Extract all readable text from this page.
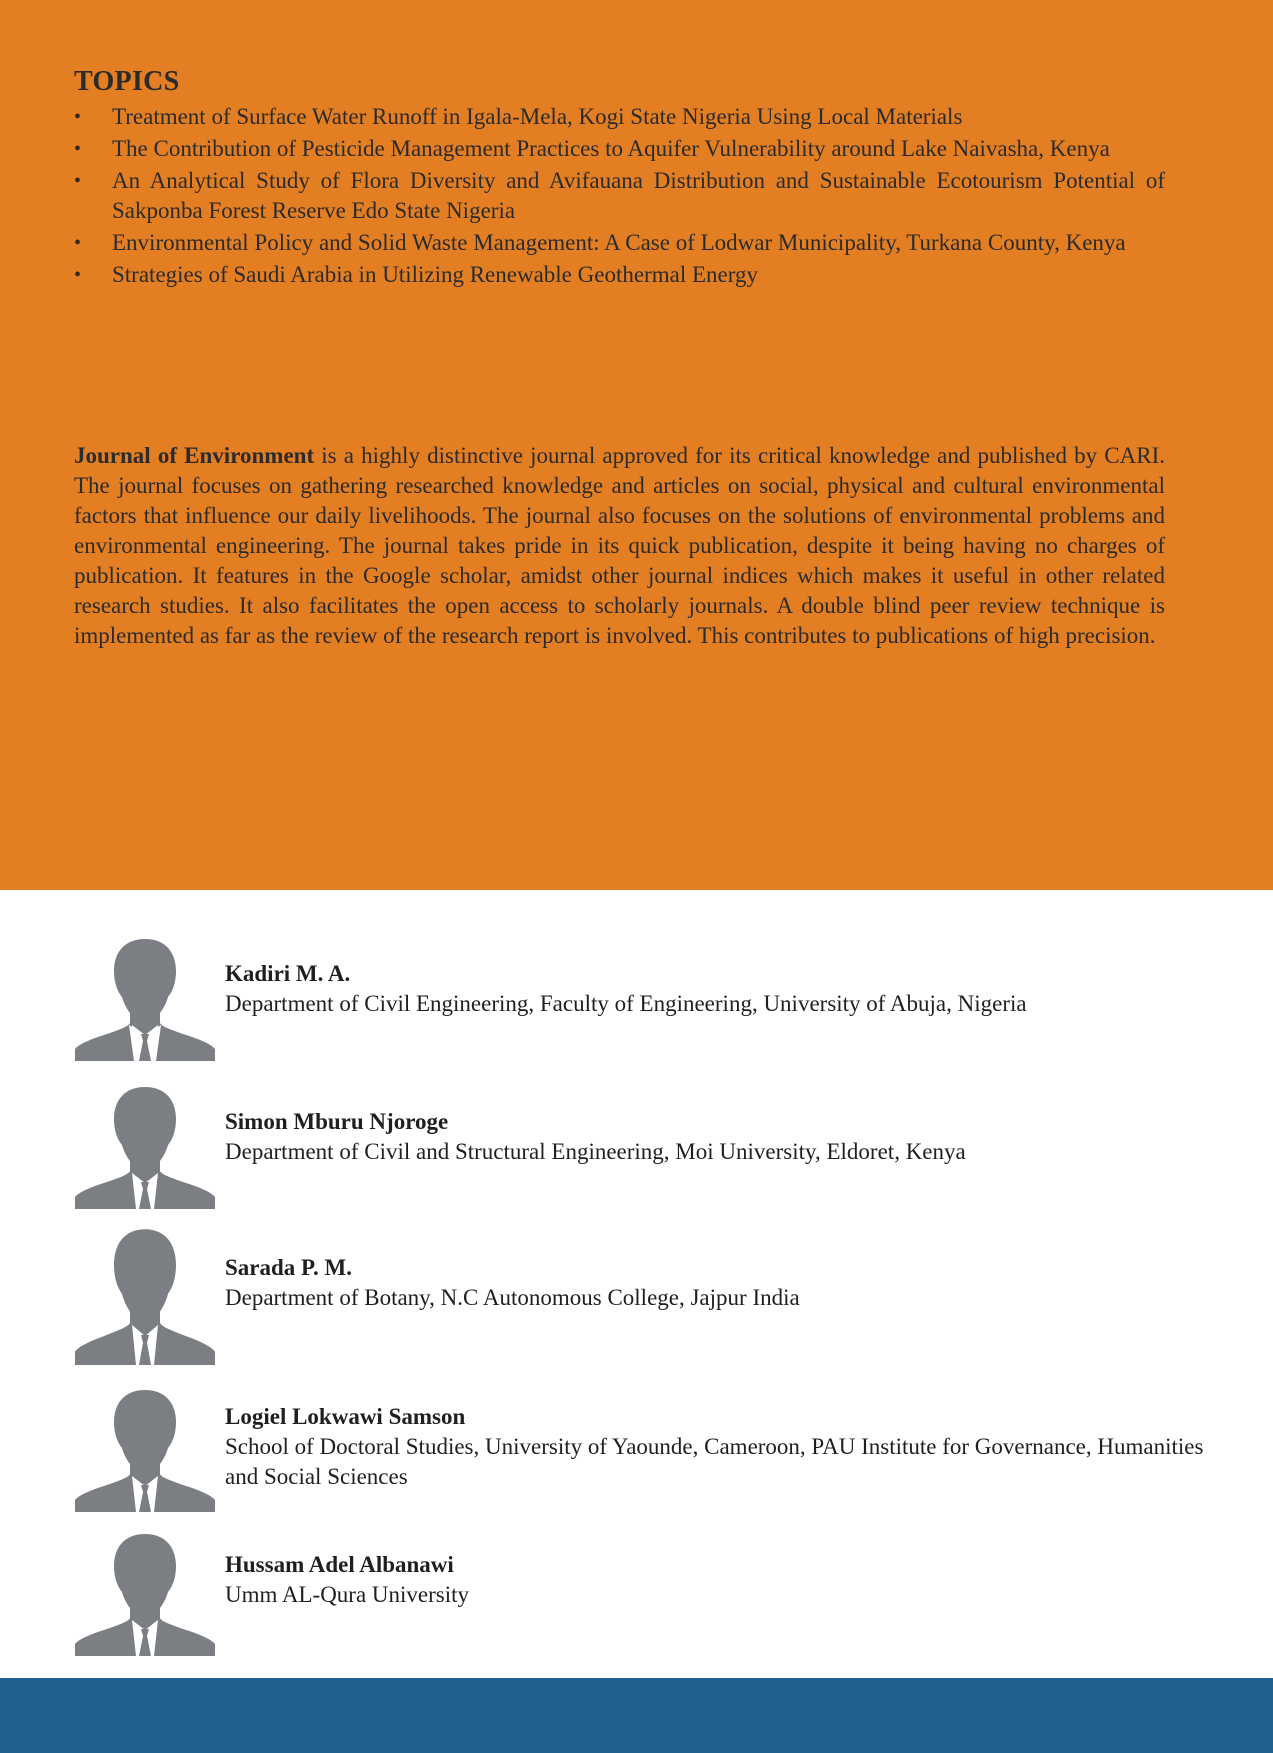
TOPICS
•	Treatment of Surface Water Runoff in Igala-Mela, Kogi State Nigeria Using Local Materials
•	The Contribution of Pesticide Management Practices to Aquifer Vulnerability around Lake Naivasha, Kenya
•	An Analytical Study of Flora Diversity and Avifauana Distribution and Sustainable Ecotourism Potential of Sakponba Forest Reserve Edo State Nigeria
•	Environmental Policy and Solid Waste Management: A Case of Lodwar Municipality, Turkana County, Kenya
•	Strategies of Saudi Arabia in Utilizing Renewable Geothermal Energy

Journal of Environment is a highly distinctive journal approved for its critical knowledge and published by CARI. The journal focuses on gathering researched knowledge and articles on social, physical and cultural environmental factors that influence our daily livelihoods. The journal also focuses on the solutions of environmental problems and environmental engineering. The journal takes pride in its quick publication, despite it being having no charges of publication. It features in the Google scholar, amidst other journal indices which makes it useful in other related research studies. It also facilitates the open access to scholarly journals. A double blind peer review technique is implemented as far as the review of the research report is involved. This contributes to publications of high precision.

Kadiri M. A.
Department of Civil Engineering, Faculty of Engineering, University of Abuja, Nigeria
Simon Mburu Njoroge
Department of Civil and Structural Engineering, Moi University, Eldoret, Kenya
Sarada P. M.
Department of Botany, N.C Autonomous College, Jajpur India
Logiel Lokwawi Samson
School of Doctoral Studies, University of Yaounde, Cameroon, PAU Institute for Governance, Humanities and Social Sciences
Hussam Adel Albanawi
Umm AL-Qura University
